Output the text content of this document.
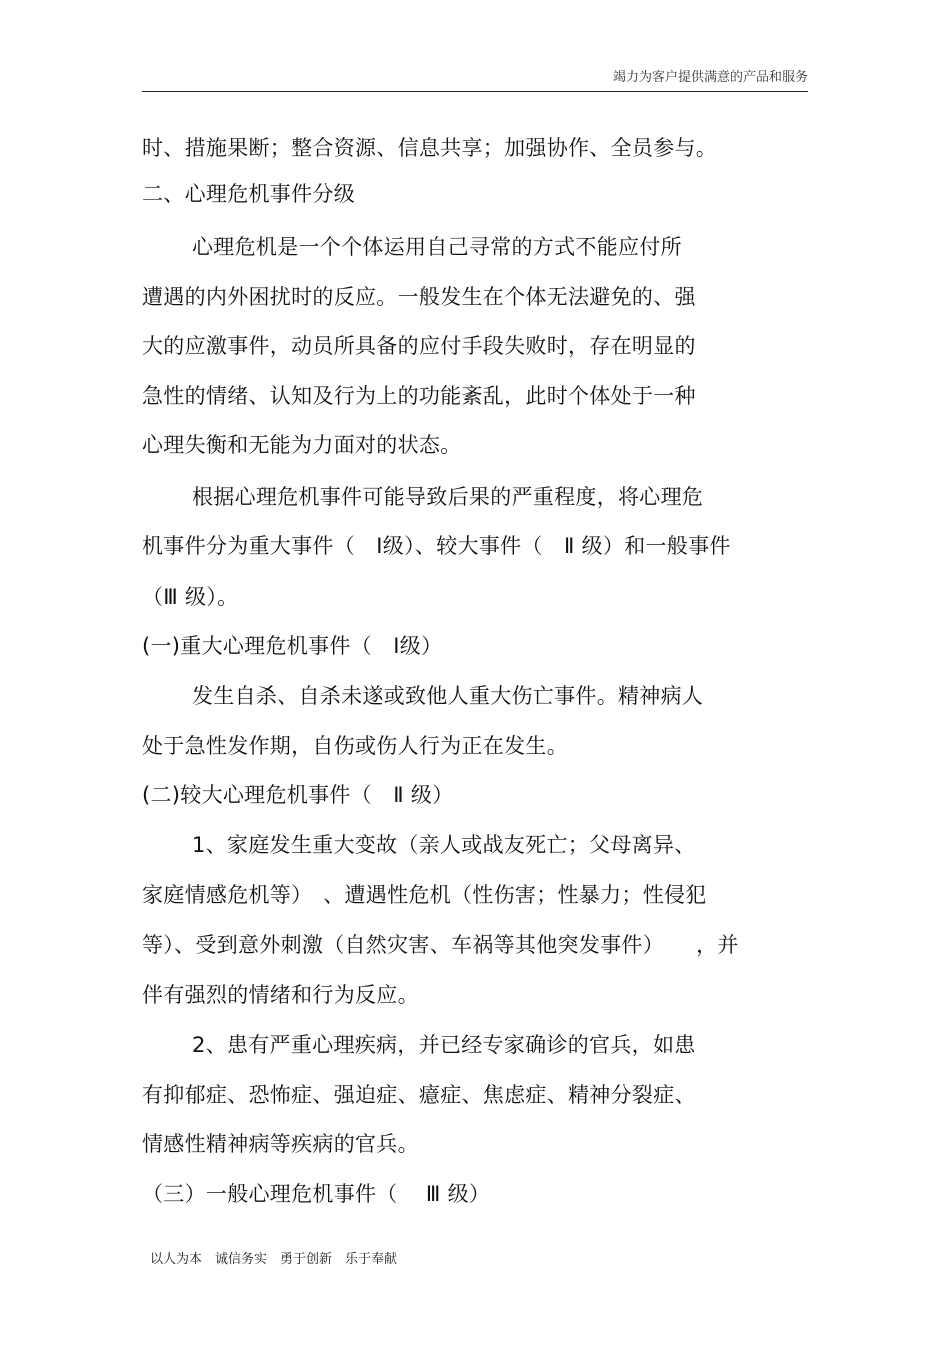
竭力为客户提供满意的产品和服务
时、措施果断；整合资源、信息共享；加强协作、全员参与。
二、心理危机事件分级
心理危机是一个个体运用自己寻常的方式不能应付所
遭遇的内外困扰时的反应。一般发生在个体无法避免的、强
大的应激事件，动员所具备的应付手段失败时，存在明显的
急性的情绪、认知及行为上的功能紊乱，此时个体处于一种
心理失衡和无能为力面对的状态。
根据心理危机事件可能导致后果的严重程度，将心理危
机事件分为重大事件（　Ⅰ级）、较大事件（　Ⅱ 级）和一般事件
（Ⅲ 级）。
(一)重大心理危机事件（　Ⅰ级）
发生自杀、自杀未遂或致他人重大伤亡事件。精神病人
处于急性发作期，自伤或伤人行为正在发生。
(二)较大心理危机事件（　Ⅱ 级）
1、家庭发生重大变故（亲人或战友死亡；父母离异、
家庭情感危机等）　、遭遇性危机（性伤害；性暴力；性侵犯
等）、受到意外刺激（自然灾害、车祸等其他突发事件）　　，并
伴有强烈的情绪和行为反应。
2、患有严重心理疾病，并已经专家确诊的官兵，如患
有抑郁症、恐怖症、强迫症、癔症、焦虑症、精神分裂症、
情感性精神病等疾病的官兵。
（三）一般心理危机事件（　 Ⅲ 级）
以人为本　诚信务实　勇于创新　乐于奉献
